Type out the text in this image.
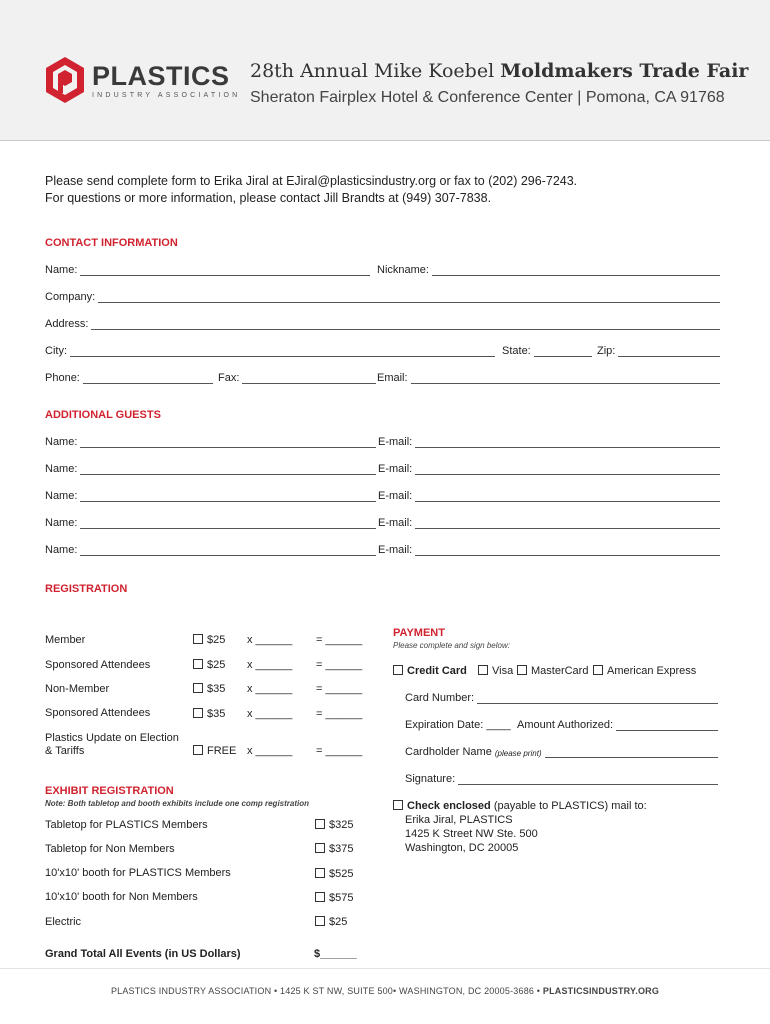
PLASTICS
INDUSTRY ASSOCIATION
28th Annual Mike Koebel Moldmakers Trade Fair
Sheraton Fairplex Hotel & Conference Center | Pomona, CA 91768
Please send complete form to Erika Jiral at EJiral@plasticsindustry.org or fax to (202) 296-7243.
For questions or more information, please contact Jill Brandts at (949) 307-7838.
CONTACT INFORMATION
Name:	Nickname:
Company:
Address:
City:	State:	Zip:
Phone:	Fax:	Email:
ADDITIONAL GUESTS
Name:	E-mail:
Name:	E-mail:
Name:	E-mail:
Name:	E-mail:
Name:	E-mail:
REGISTRATION
Member	$25 x ______ = ______
Sponsored Attendees	$25 x ______ = ______
Non-Member	$35 x ______ = ______
Sponsored Attendees	$35 x ______ = ______
Plastics Update on Election
& Tariffs	FREE x ______ = ______
EXHIBIT REGISTRATION
Note: Both tabletop and booth exhibits include one comp registration
Tabletop for PLASTICS Members	$325
Tabletop for Non Members	$375
10'x10' booth for PLASTICS Members	$525
10'x10' booth for Non Members	$575
Electric	$25
Grand Total All Events (in US Dollars)	$______
PAYMENT
Please complete and sign below:
Credit Card	Visa	MasterCard	American Express
Card Number:
Expiration Date: ____ Amount Authorized:
Cardholder Name
(please print)
Signature:
Check enclosed (payable to PLASTICS) mail to:
Erika Jiral, PLASTICS
1425 K Street NW Ste. 500
Washington, DC 20005
PLASTICS INDUSTRY ASSOCIATION • 1425 K ST NW, SUITE 500• WASHINGTON, DC 20005-3686 • PLASTICSINDUSTRY.ORG
